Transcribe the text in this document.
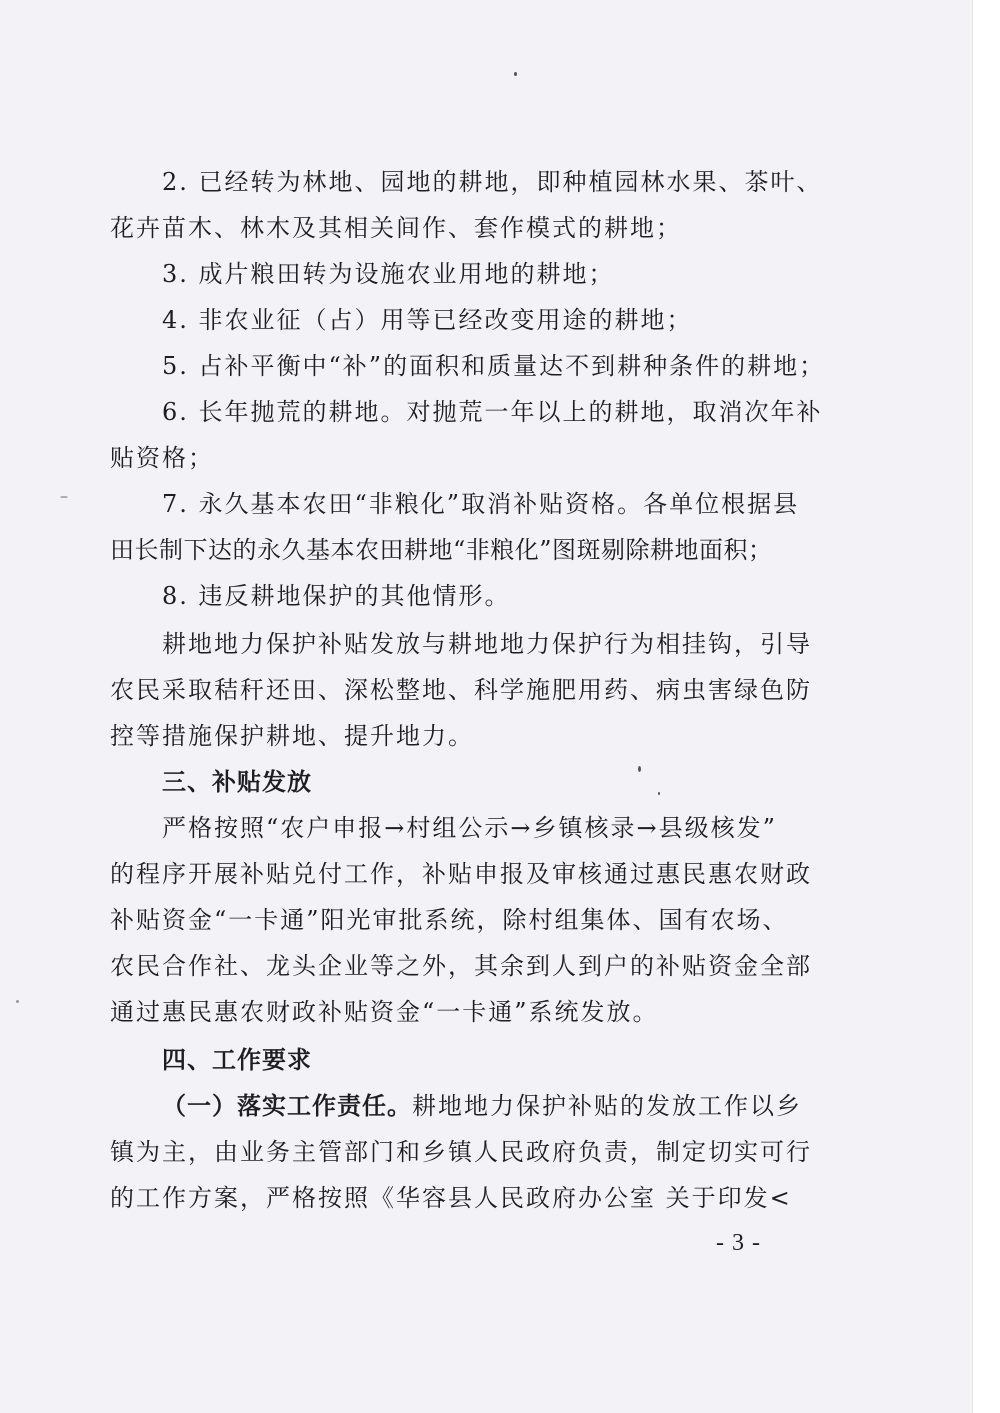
2. 已经转为林地、园地的耕地，即种植园林水果、茶叶、
花卉苗木、林木及其相关间作、套作模式的耕地；
3. 成片粮田转为设施农业用地的耕地；
4. 非农业征（占）用等已经改变用途的耕地；
5. 占补平衡中“补”的面积和质量达不到耕种条件的耕地；
6. 长年抛荒的耕地。对抛荒一年以上的耕地，取消次年补
贴资格；
7. 永久基本农田“非粮化”取消补贴资格。各单位根据县
田长制下达的永久基本农田耕地“非粮化”图斑剔除耕地面积；
8. 违反耕地保护的其他情形。
耕地地力保护补贴发放与耕地地力保护行为相挂钩，引导
农民采取秸秆还田、深松整地、科学施肥用药、病虫害绿色防
控等措施保护耕地、提升地力。
三、补贴发放
严格按照“农户申报→村组公示→乡镇核录→县级核发”
的程序开展补贴兑付工作，补贴申报及审核通过惠民惠农财政
补贴资金“一卡通”阳光审批系统，除村组集体、国有农场、
农民合作社、龙头企业等之外，其余到人到户的补贴资金全部
通过惠民惠农财政补贴资金“一卡通”系统发放。
四、工作要求
（一）落实工作责任。耕地地力保护补贴的发放工作以乡
镇为主，由业务主管部门和乡镇人民政府负责，制定切实可行
的工作方案，严格按照《华容县人民政府办公室 关于印发<
- 3 -
